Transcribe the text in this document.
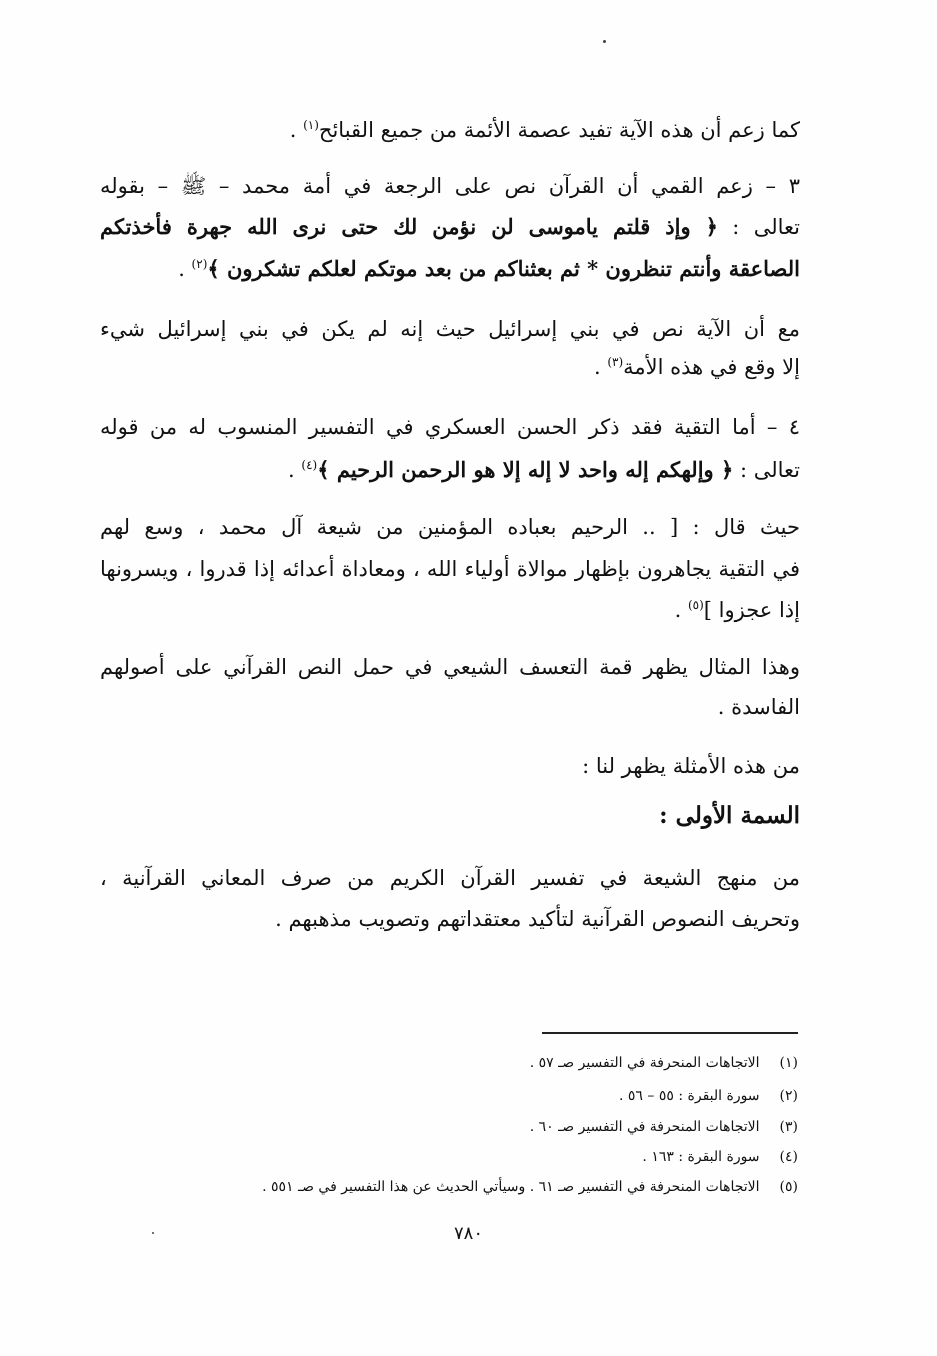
كما زعم أن هذه الآية تفيد عصمة الأئمة من جميع القبائح$^{(١)}$ .
٣ – زعم القمي أن القرآن نص على الرجعة في أمة محمد – ﷺ – بقوله
تعالى : ﴿ وإذ قلتم ياموسى لن نؤمن لك حتى نرى الله جهرة فأخذتكم
الصاعقة وأنتم تنظرون * ثم بعثناكم من بعد موتكم لعلكم تشكرون ﴾$^{(٢)}$ .
مع أن الآية نص في بني إسرائيل حيث إنه لم يكن في بني إسرائيل شيء
إلا وقع في هذه الأمة$^{(٣)}$ .
٤ – أما التقية فقد ذكر الحسن العسكري في التفسير المنسوب له من قوله
تعالى : ﴿ وإلهكم إله واحد لا إله إلا هو الرحمن الرحيم ﴾$^{(٤)}$ .
حيث قال : [ .. الرحيم بعباده المؤمنين من شيعة آل محمد ، وسع لهم
في التقية يجاهرون بإظهار موالاة أولياء الله ، ومعاداة أعدائه إذا قدروا ، ويسرونها
إذا عجزوا ]$^{(٥)}$ .
وهذا المثال يظهر قمة التعسف الشيعي في حمل النص القرآني على أصولهم
الفاسدة .
من هذه الأمثلة يظهر لنا :
السمة الأولى :
من منهج الشيعة في تفسير القرآن الكريم من صرف المعاني القرآنية ،
وتحريف النصوص القرآنية لتأكيد معتقداتهم وتصويب مذهبهم .
(١) الاتجاهات المنحرفة في التفسير صـ ٥٧ .
(٢) سورة البقرة : ٥٥ – ٥٦ .
(٣) الاتجاهات المنحرفة في التفسير صـ ٦٠ .
(٤) سورة البقرة : ١٦٣ .
(٥) الاتجاهات المنحرفة في التفسير صـ ٦١ . وسيأتي الحديث عن هذا التفسير في صـ ٥٥١ .
٧٨٠
